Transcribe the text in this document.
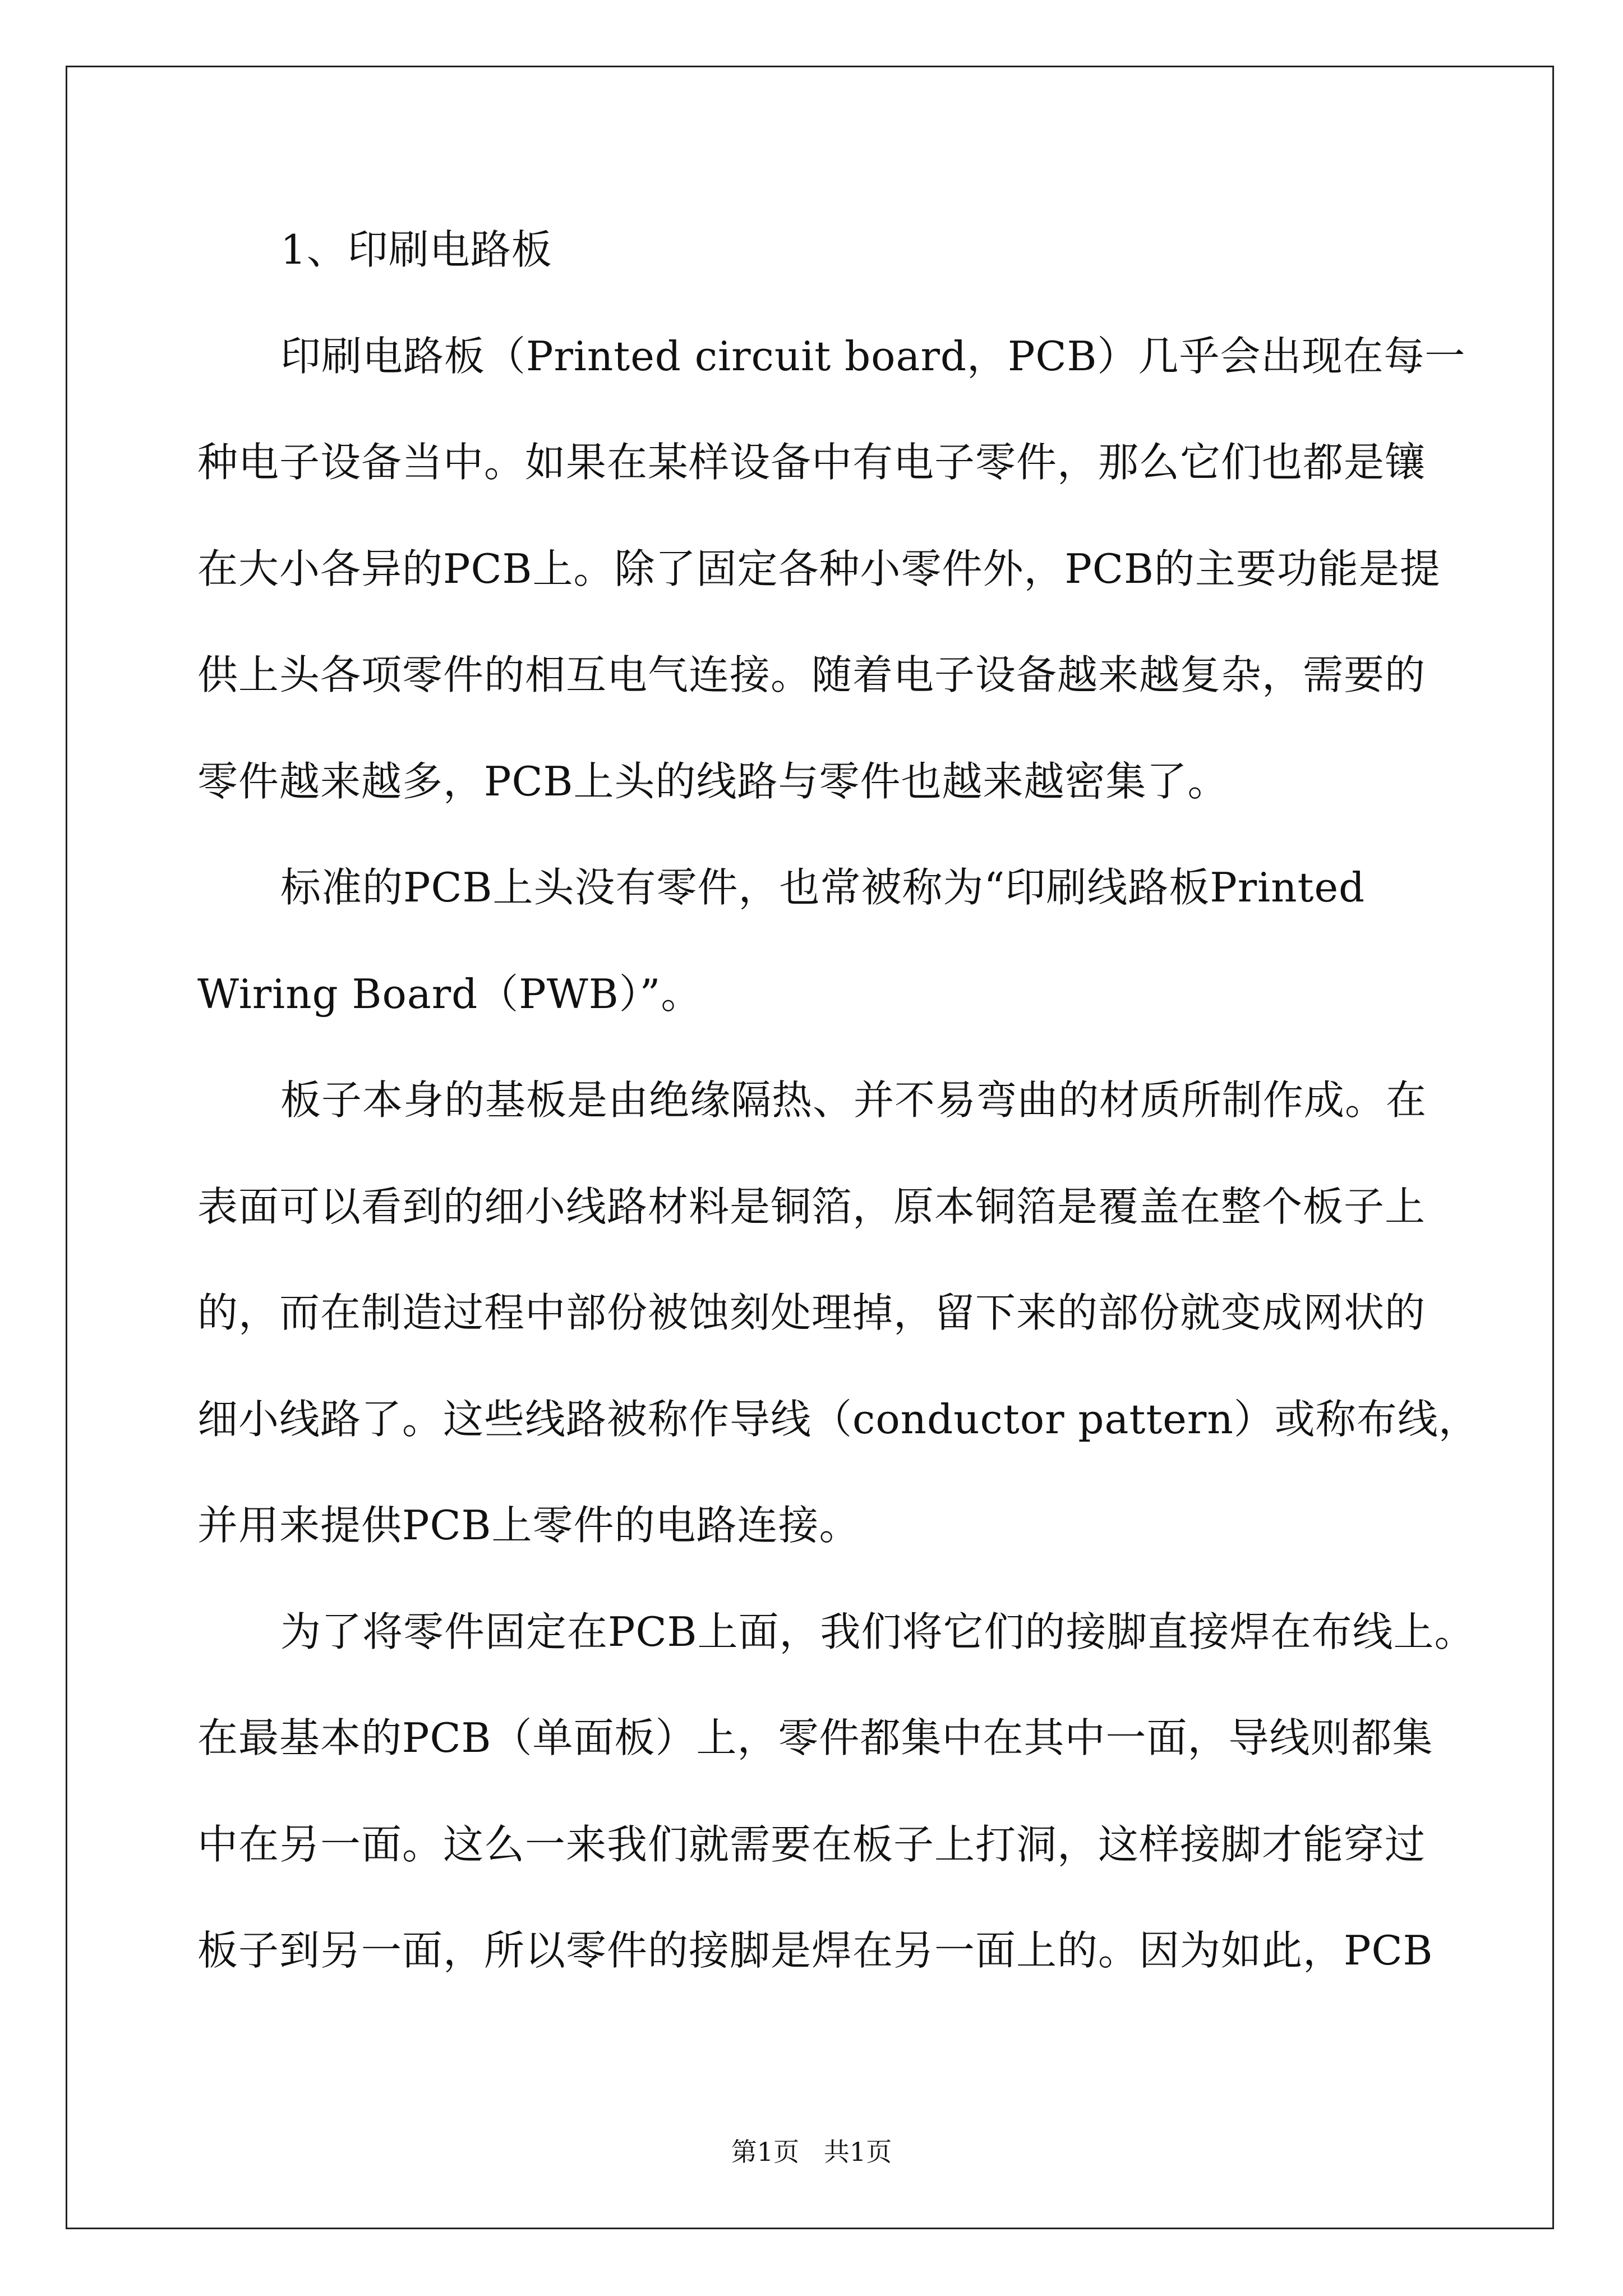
1、印刷电路板
印刷电路板（Printed circuit board，PCB）几乎会出现在每一
种电子设备当中。如果在某样设备中有电子零件，那么它们也都是镶
在大小各异的PCB上。除了固定各种小零件外，PCB的主要功能是提
供上头各项零件的相互电气连接。随着电子设备越来越复杂，需要的
零件越来越多，PCB上头的线路与零件也越来越密集了。
标准的PCB上头没有零件，也常被称为“印刷线路板Printed
Wiring Board（PWB）”。
板子本身的基板是由绝缘隔热、并不易弯曲的材质所制作成。在
表面可以看到的细小线路材料是铜箔，原本铜箔是覆盖在整个板子上
的，而在制造过程中部份被蚀刻处理掉，留下来的部份就变成网状的
细小线路了。这些线路被称作导线（conductor pattern）或称布线，
并用来提供PCB上零件的电路连接。
为了将零件固定在PCB上面，我们将它们的接脚直接焊在布线上。
在最基本的PCB（单面板）上，零件都集中在其中一面，导线则都集
中在另一面。这么一来我们就需要在板子上打洞，这样接脚才能穿过
板子到另一面，所以零件的接脚是焊在另一面上的。因为如此，PCB
第1页   共1页
